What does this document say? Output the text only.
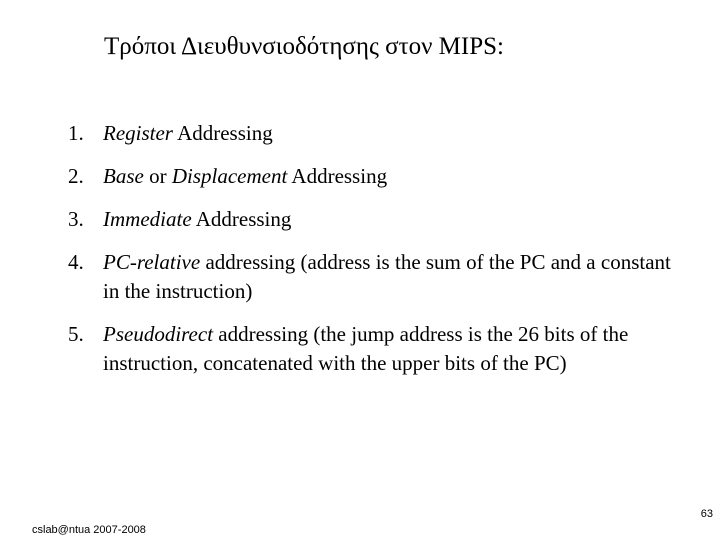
Τρόποι Διευθυνσιοδότησης στον MIPS:
1. Register Addressing
2. Base or Displacement Addressing
3. Immediate Addressing
4. PC-relative addressing (address is the sum of the PC and a constant in the instruction)
5. Pseudodirect addressing (the jump address is the 26 bits of the instruction, concatenated with the upper bits of the PC)
63
cslab@ntua 2007-2008
